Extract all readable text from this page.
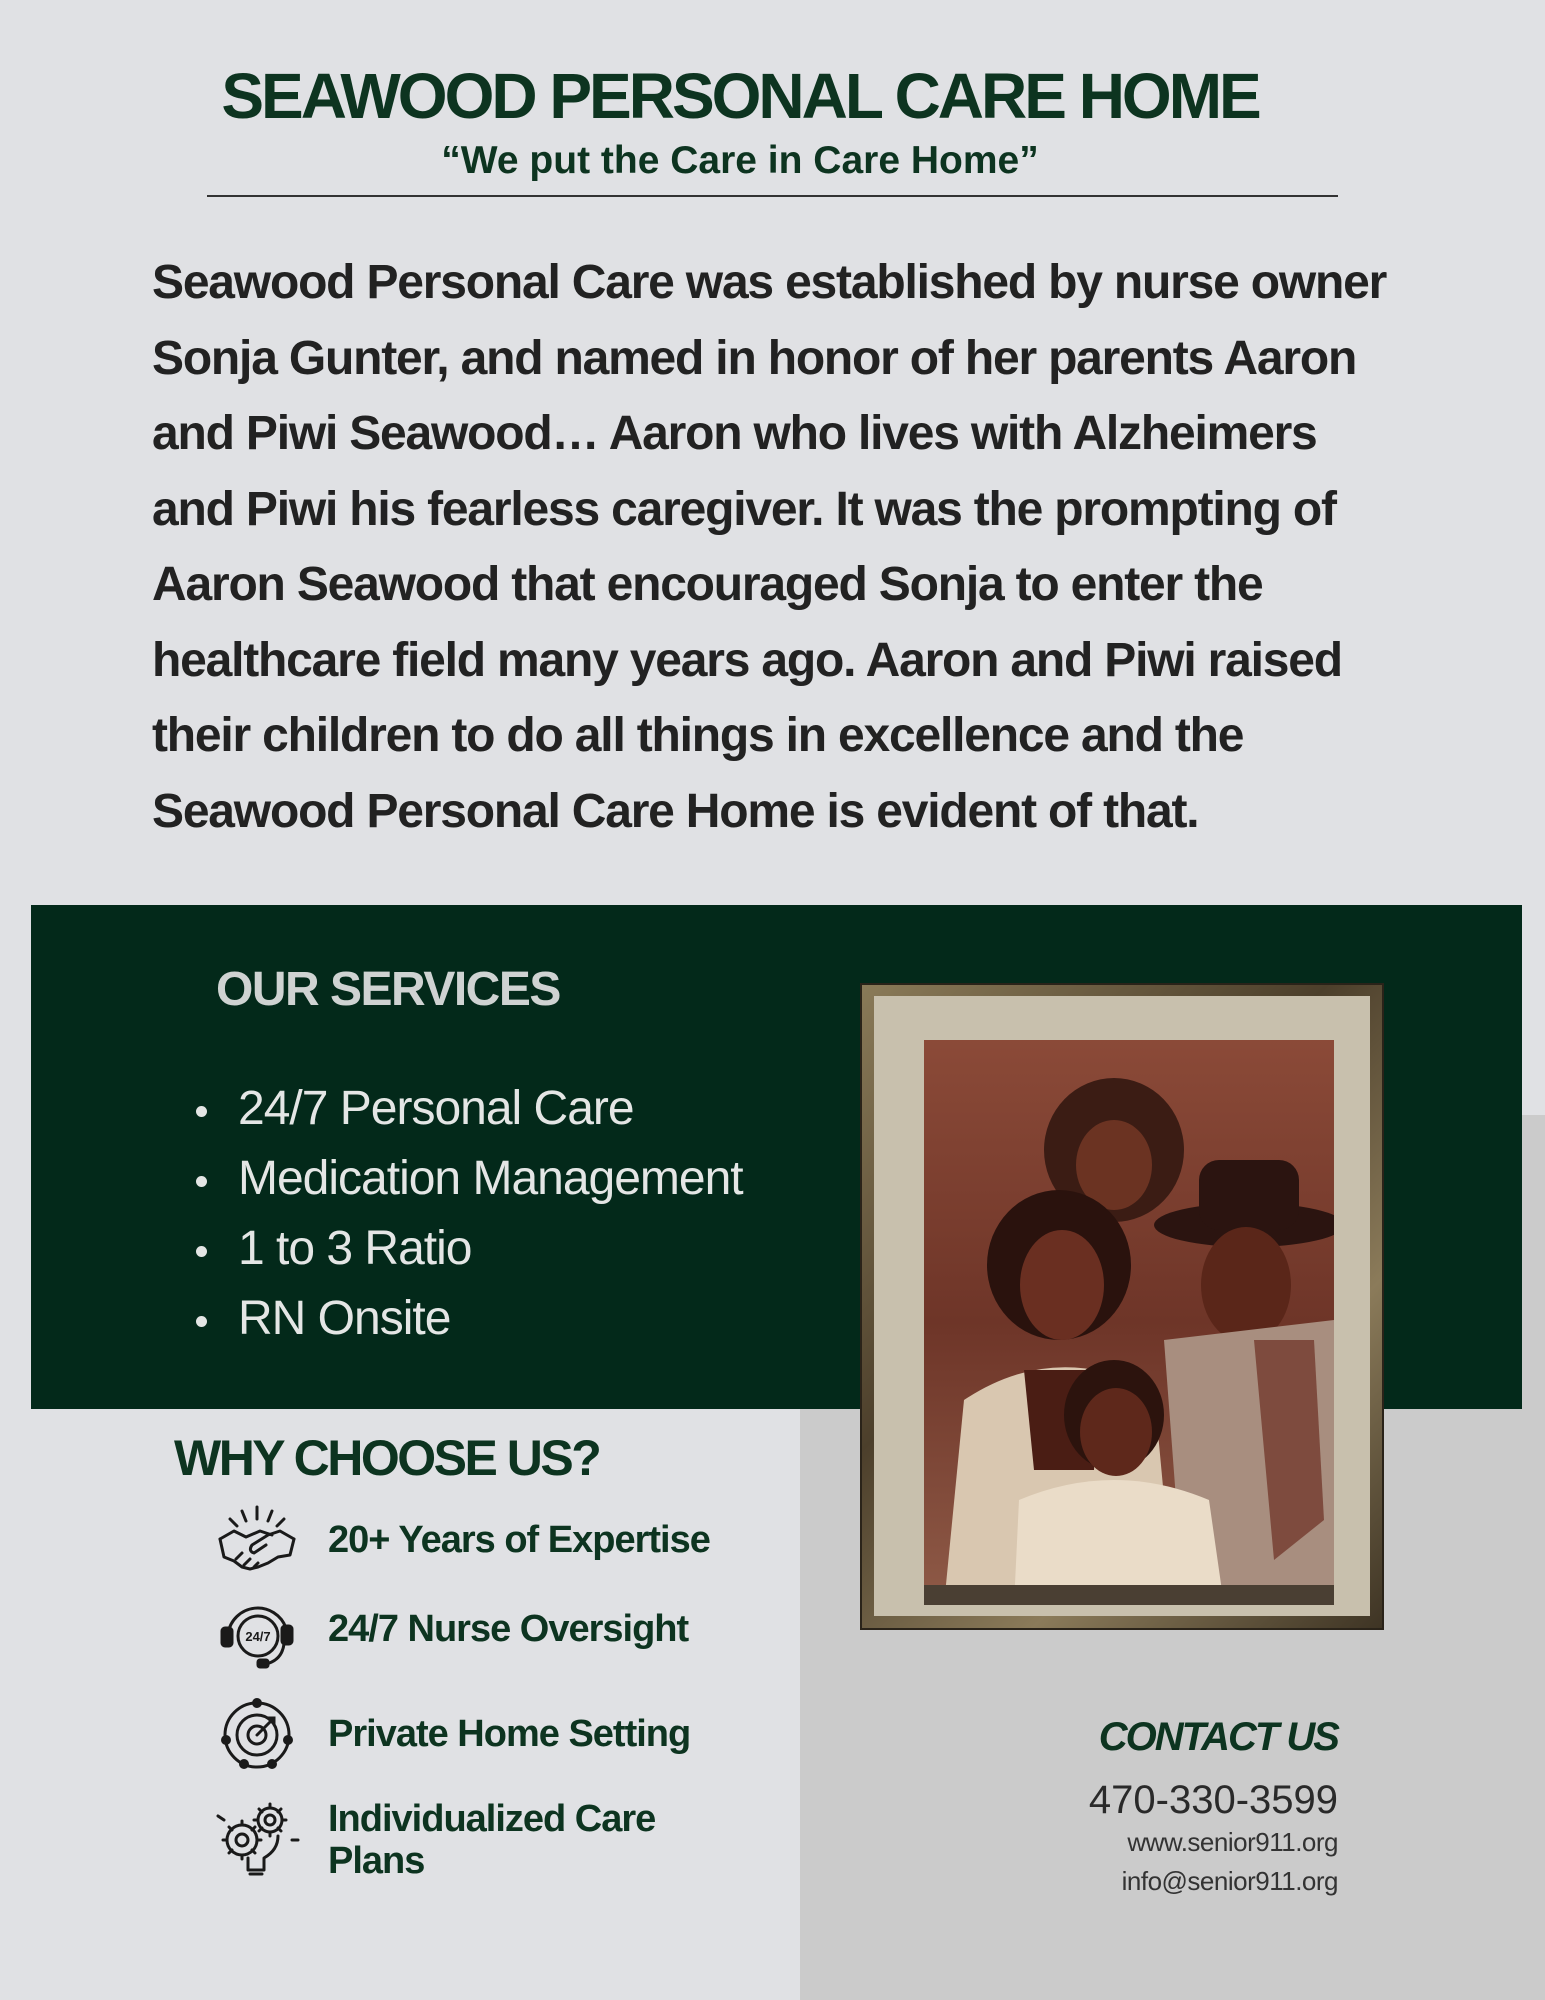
SEAWOOD PERSONAL CARE HOME
“We put the Care in Care Home”
Seawood Personal Care was established by nurse owner Sonja Gunter, and named in honor of her parents Aaron and Piwi Seawood… Aaron who lives with Alzheimers and Piwi his fearless caregiver. It was the prompting of Aaron Seawood that encouraged Sonja to enter the healthcare field many years ago. Aaron and Piwi raised their children to do all things in excellence and the Seawood Personal Care Home is evident of that.
OUR SERVICES
24/7 Personal Care
Medication Management
1 to 3 Ratio
RN Onsite
WHY CHOOSE US?
20+ Years of Expertise
24/7 24/7 Nurse Oversight
Private Home Setting
Individualized Care Plans
CONTACT US
470-330-3599
www.senior911.org
info@senior911.org
